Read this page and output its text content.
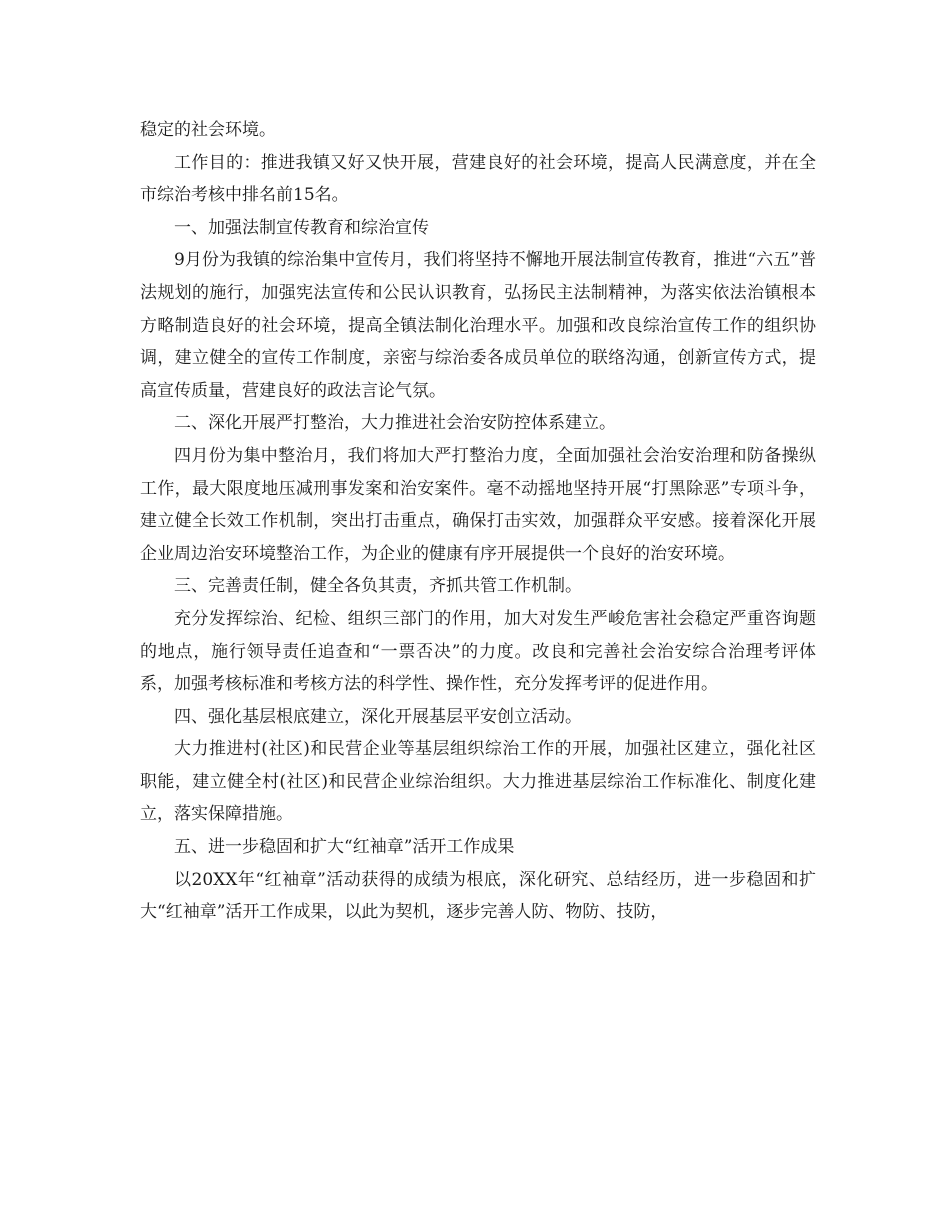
稳定的社会环境。

工作目的：推进我镇又好又快开展，营建良好的社会环境，提高人民满意度，并在全市综治考核中排名前15名。

一、加强法制宣传教育和综治宣传

9月份为我镇的综治集中宣传月，我们将坚持不懈地开展法制宣传教育，推进“六五”普法规划的施行，加强宪法宣传和公民认识教育，弘扬民主法制精神，为落实依法治镇根本方略制造良好的社会环境，提高全镇法制化治理水平。加强和改良综治宣传工作的组织协调，建立健全的宣传工作制度，亲密与综治委各成员单位的联络沟通，创新宣传方式，提高宣传质量，营建良好的政法言论气氛。

二、深化开展严打整治，大力推进社会治安防控体系建立。

四月份为集中整治月，我们将加大严打整治力度，全面加强社会治安治理和防备操纵工作，最大限度地压减刑事发案和治安案件。毫不动摇地坚持开展“打黑除恶”专项斗争，建立健全长效工作机制，突出打击重点，确保打击实效，加强群众平安感。接着深化开展企业周边治安环境整治工作，为企业的健康有序开展提供一个良好的治安环境。

三、完善责任制，健全各负其责，齐抓共管工作机制。

充分发挥综治、纪检、组织三部门的作用，加大对发生严峻危害社会稳定严重咨询题的地点，施行领导责任追查和“一票否决”的力度。改良和完善社会治安综合治理考评体系，加强考核标准和考核方法的科学性、操作性，充分发挥考评的促进作用。

四、强化基层根底建立，深化开展基层平安创立活动。

大力推进村(社区)和民营企业等基层组织综治工作的开展，加强社区建立，强化社区职能，建立健全村(社区)和民营企业综治组织。大力推进基层综治工作标准化、制度化建立，落实保障措施。

五、进一步稳固和扩大“红袖章”活开工作成果

以20XX年“红袖章”活动获得的成绩为根底，深化研究、总结经历，进一步稳固和扩大“红袖章”活开工作成果，以此为契机，逐步完善人防、物防、技防，
